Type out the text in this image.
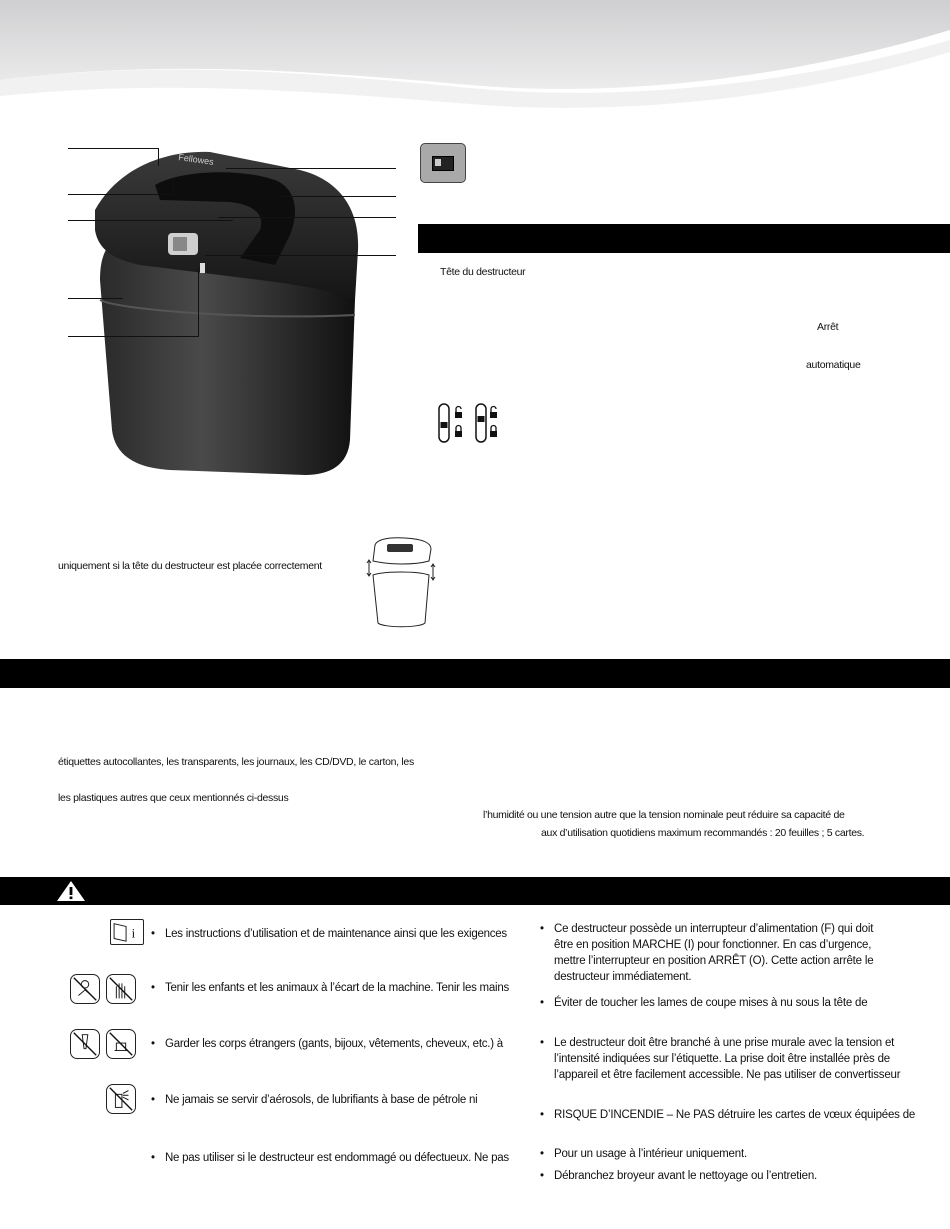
Fellowes
Tête du destructeur
Arrêt
automatique
uniquement si la tête du destructeur est placée correctement
étiquettes autocollantes, les transparents, les journaux, les CD/DVD, le carton, les
les plastiques autres que ceux mentionnés ci-dessus
l’humidité ou une tension autre que la tension nominale peut réduire sa capacité de
aux d’utilisation quotidiens maximum recommandés : 20 feuilles ; 5 cartes.
i
•	Les instructions d’utilisation et de maintenance ainsi que les exigences
• Tenir les enfants et les animaux à l’écart de la machine. Tenir les mains
• Garder les corps étrangers (gants, bijoux, vêtements, cheveux, etc.) à
• Ne jamais se servir d’aérosols, de lubrifiants à base de pétrole ni
• Ne pas utiliser si le destructeur est endommagé ou défectueux. Ne pas
• Ce destructeur possède un interrupteur d’alimentation (F) qui doit
être en position MARCHE (I) pour fonctionner. En cas d’urgence,
mettre l’interrupteur en position ARRÊT (O). Cette action arrête le
destructeur immédiatement.
• Éviter de toucher les lames de coupe mises à nu sous la tête de
• Le destructeur doit être branché à une prise murale avec la tension et
l’intensité indiquées sur l’étiquette. La prise doit être installée près de
l’appareil et être facilement accessible. Ne pas utiliser de convertisseur
• RISQUE D’INCENDIE – Ne PAS détruire les cartes de vœux équipées de
• Pour un usage à l’intérieur uniquement.
• Débranchez broyeur avant le nettoyage ou l’entretien.
